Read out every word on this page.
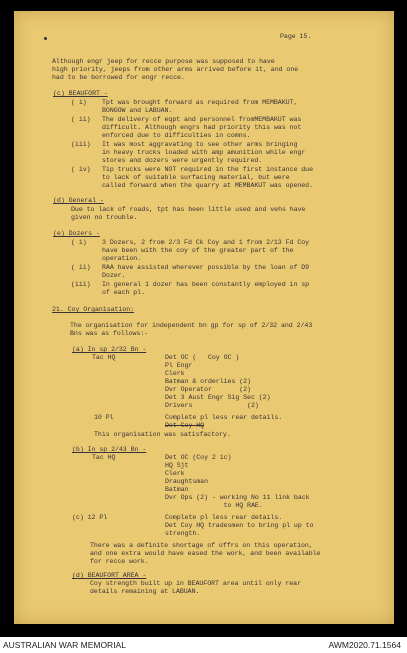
Page 15.
Although engr jeep for recce purpose was supposed to have
high priority, jeeps from other arms arrived before it, and one
had to be borrowed for engr recce.
(c) BEAUFORT -
( i) Tpt was brought forward as required from MEMBAKUT,
BONGOW and LABUAN.
( ii) The delivery of eqpt and personnel fromMEMBAKUT was
difficult. Although engrs had priority this was not
enforced due to difficulties in comns.
(iii) It was most aggravating to see other arms bringing
in heavy trucks loaded with amp amunition while engr
stores and dozers were urgently required.
( iv) Tip trucks were NOT required in the first instance due
to lack of suitable surfacing material, but were
called forward when the quarry at MEMBAKUT was opened.
(d) General -
Due to lack of roads, tpt has been little used and vehs have
given no trouble.
(e) Dozers -
( i) 3 Dozers, 2 from 2/3 Fd Ck Coy and 1 from 2/13 Fd Coy
have been with the coy of the greater part of the
operation.
( ii) RAA have assisted wherever possible by the loan of D9
Dozer.
(iii) In general 1 dozer has been constantly employed in sp
of each pl.
21. Coy Organisation:
The organisation for independent bn gp for sp of 2/32 and 2/43
Bns was as follows:-
(a) In sp 2/32 Bn -
Tac HQ	Det OC (   Coy OC )
Pl Engr
Clerk
Batman & orderlies (2)
Dvr Operator       (2)
Det 3 Aust Engr Sig Sec (2)
Drivers              (2)
10 Pl	Complete pl less rear details.
Det Coy HQ
This organisation was satisfactory.
(b) In sp 2/43 Bn -
Tac HQ	Det OC (Coy 2 ic)
HQ Sjt
Clerk
Draughtsman
Batman
Dvr Ops (2) - working No 11 link back
to HQ RAE.
(c) 12 Pl	Complete pl less rear details.
Det Coy HQ tradesmen to bring pl up to
strength.
There was a definite shortage of offrs on this operation,
and one extra would have eased the work, and been available
for recce work.
(d) BEAUFORT AREA -
Coy strength built up in BEAUFORT area until only rear
details remaining at LABUAN.
AUSTRALIAN WAR MEMORIAL	AWM2020.71.1564
